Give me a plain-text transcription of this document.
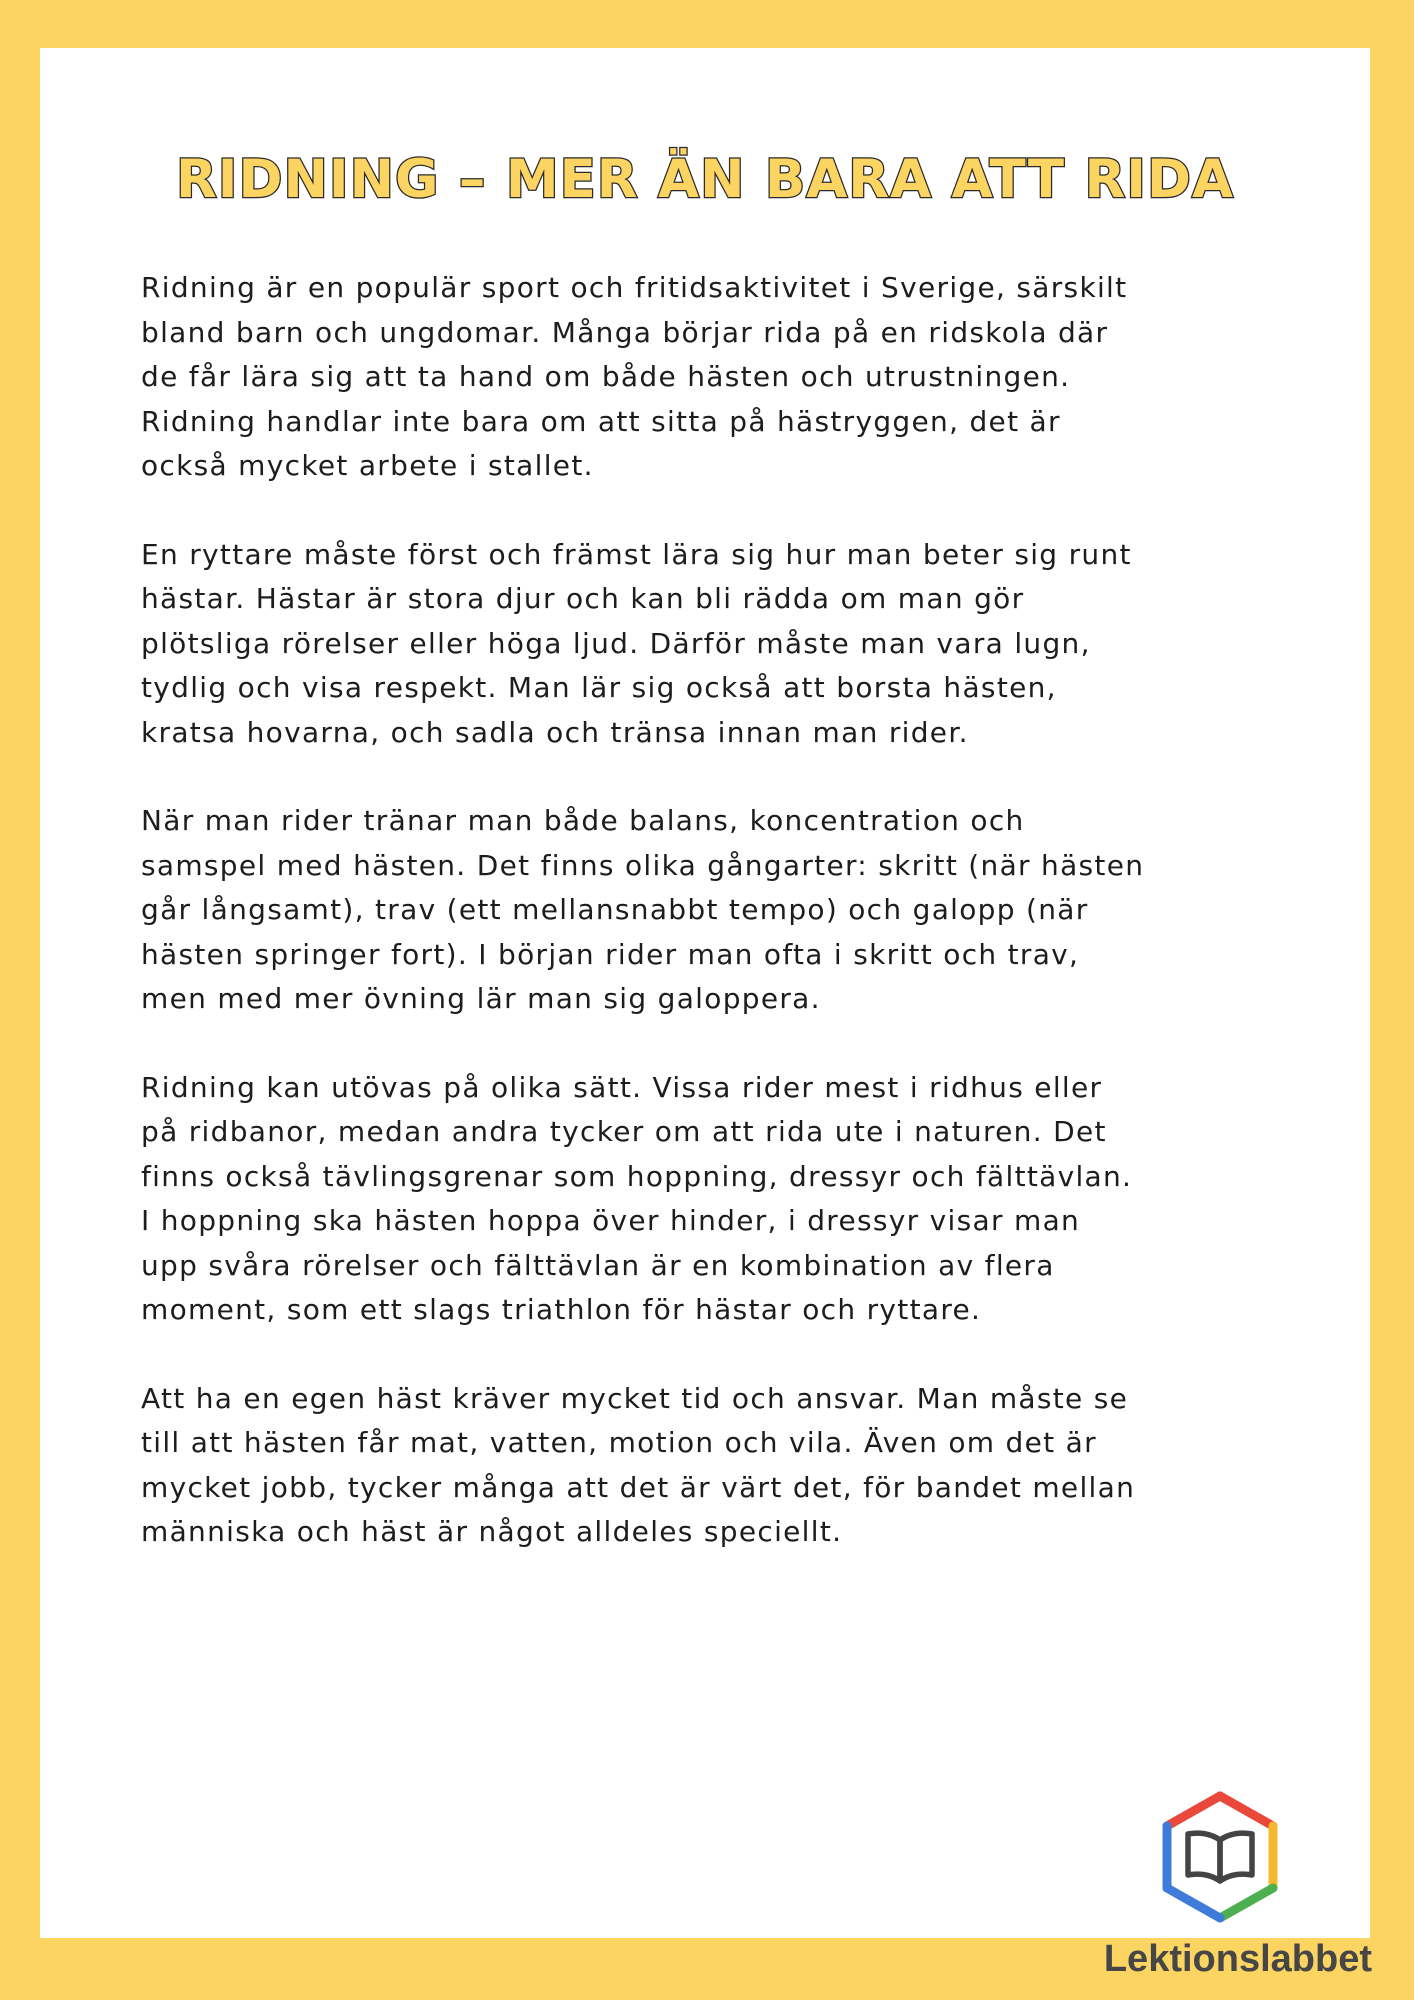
RIDNING – MER ÄN BARA ATT RIDA

Ridning är en populär sport och fritidsaktivitet i Sverige, särskilt
bland barn och ungdomar. Många börjar rida på en ridskola där
de får lära sig att ta hand om både hästen och utrustningen.
Ridning handlar inte bara om att sitta på hästryggen, det är
också mycket arbete i stallet.

En ryttare måste först och främst lära sig hur man beter sig runt
hästar. Hästar är stora djur och kan bli rädda om man gör
plötsliga rörelser eller höga ljud. Därför måste man vara lugn,
tydlig och visa respekt. Man lär sig också att borsta hästen,
kratsa hovarna, och sadla och tränsa innan man rider.

När man rider tränar man både balans, koncentration och
samspel med hästen. Det finns olika gångarter: skritt (när hästen
går långsamt), trav (ett mellansnabbt tempo) och galopp (när
hästen springer fort). I början rider man ofta i skritt och trav,
men med mer övning lär man sig galoppera.

Ridning kan utövas på olika sätt. Vissa rider mest i ridhus eller
på ridbanor, medan andra tycker om att rida ute i naturen. Det
finns också tävlingsgrenar som hoppning, dressyr och fälttävlan.
I hoppning ska hästen hoppa över hinder, i dressyr visar man
upp svåra rörelser och fälttävlan är en kombination av flera
moment, som ett slags triathlon för hästar och ryttare.

Att ha en egen häst kräver mycket tid och ansvar. Man måste se
till att hästen får mat, vatten, motion och vila. Även om det är
mycket jobb, tycker många att det är värt det, för bandet mellan
människa och häst är något alldeles speciellt.

Lektionslabbet
